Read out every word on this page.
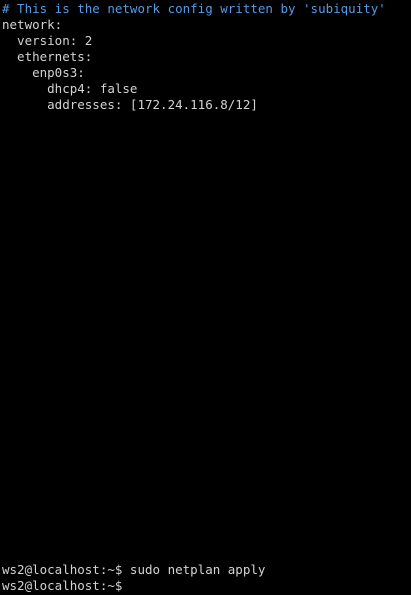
# This is the network config written by 'subiquity'
network:
version: 2
ethernets:
enp0s3:
dhcp4: false
addresses: [172.24.116.8/12]
ws2@localhost:~$ sudo netplan apply
ws2@localhost:~$
